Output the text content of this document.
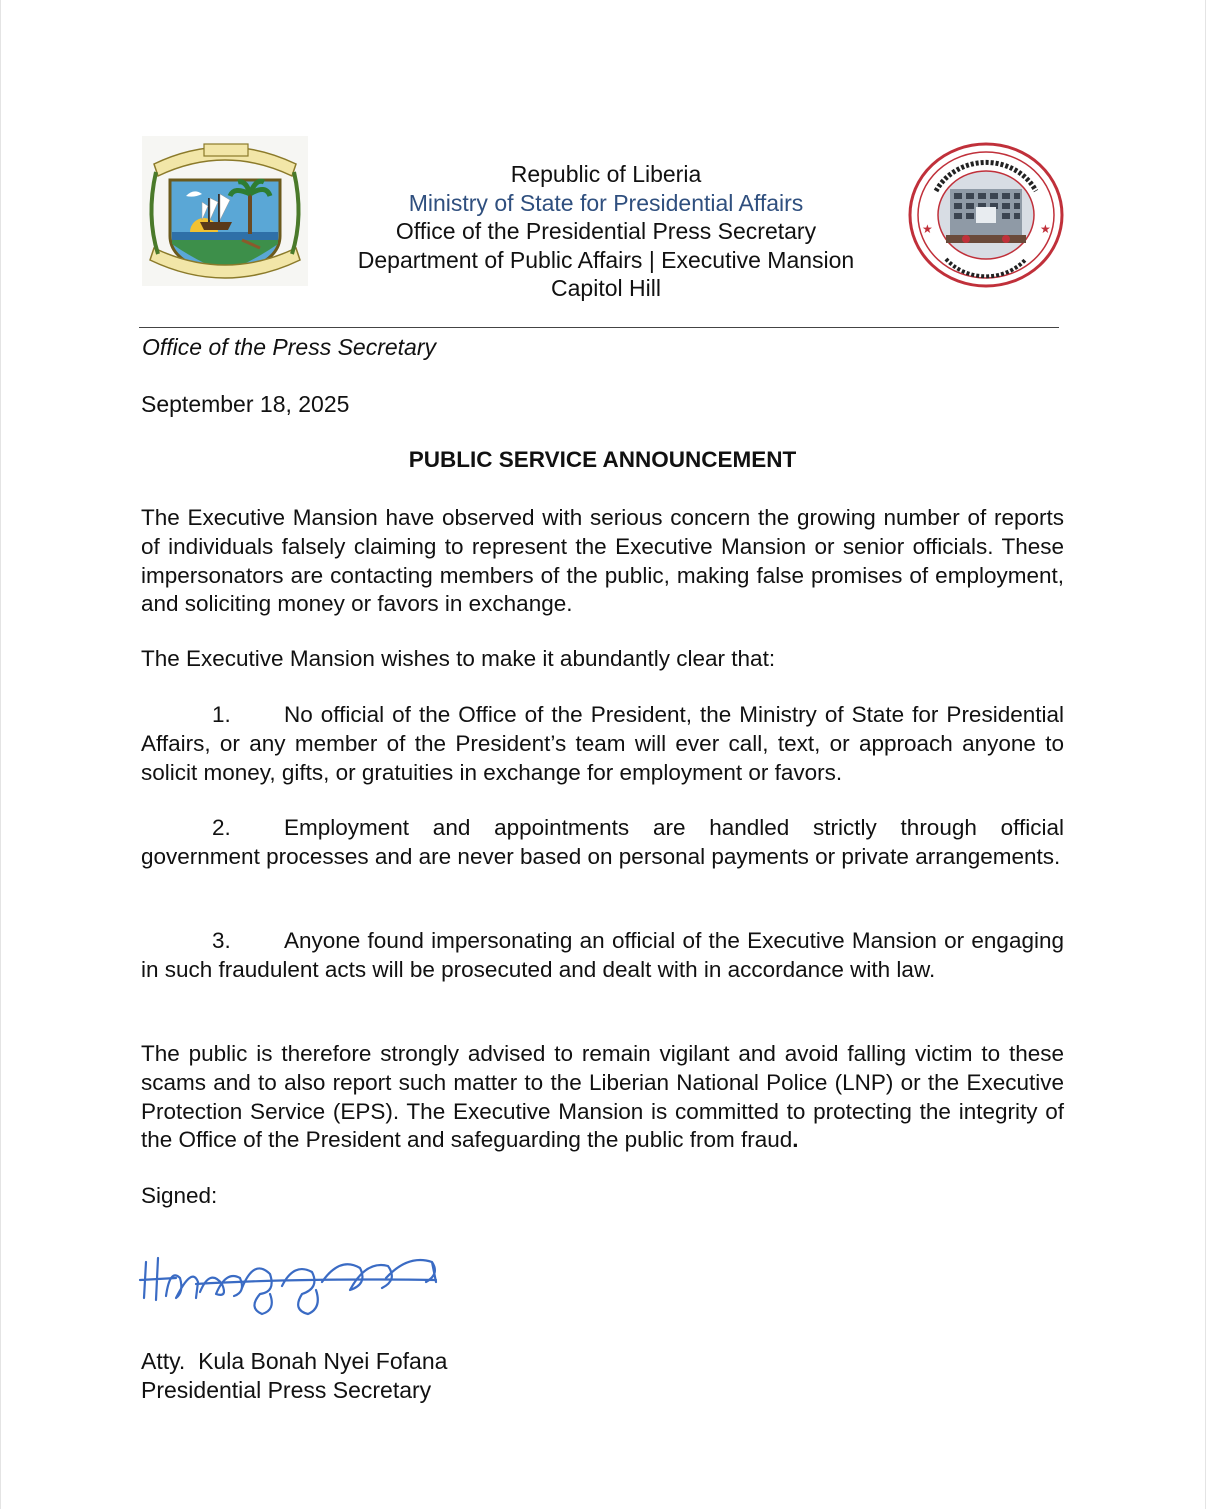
Republic of Liberia
Ministry of State for Presidential Affairs
Office of the Presidential Press Secretary
Department of Public Affairs | Executive Mansion
Capitol Hill
★	★
Office of the Press Secretary
September 18, 2025
PUBLIC SERVICE ANNOUNCEMENT

The Executive Mansion have observed with serious concern the growing number of reports of individuals falsely claiming to represent the Executive Mansion or senior officials. These impersonators are contacting members of the public, making false promises of employment, and soliciting money or favors in exchange.

The Executive Mansion wishes to make it abundantly clear that:

1. No official of the Office of the President, the Ministry of State for Presidential Affairs, or any member of the President’s team will ever call, text, or approach anyone to solicit money, gifts, or gratuities in exchange for employment or favors.

2. Employment and appointments are handled strictly through official government processes and are never based on personal payments or private arrangements.

3. Anyone found impersonating an official of the Executive Mansion or engaging in such fraudulent acts will be prosecuted and dealt with in accordance with law.

The public is therefore strongly advised to remain vigilant and avoid falling victim to these scams and to also report such matter to the Liberian National Police (LNP) or the Executive Protection Service (EPS). The Executive Mansion is committed to protecting the integrity of the Office of the President and safeguarding the public from fraud.

Signed:

Atty.  Kula Bonah Nyei Fofana
Presidential Press Secretary
